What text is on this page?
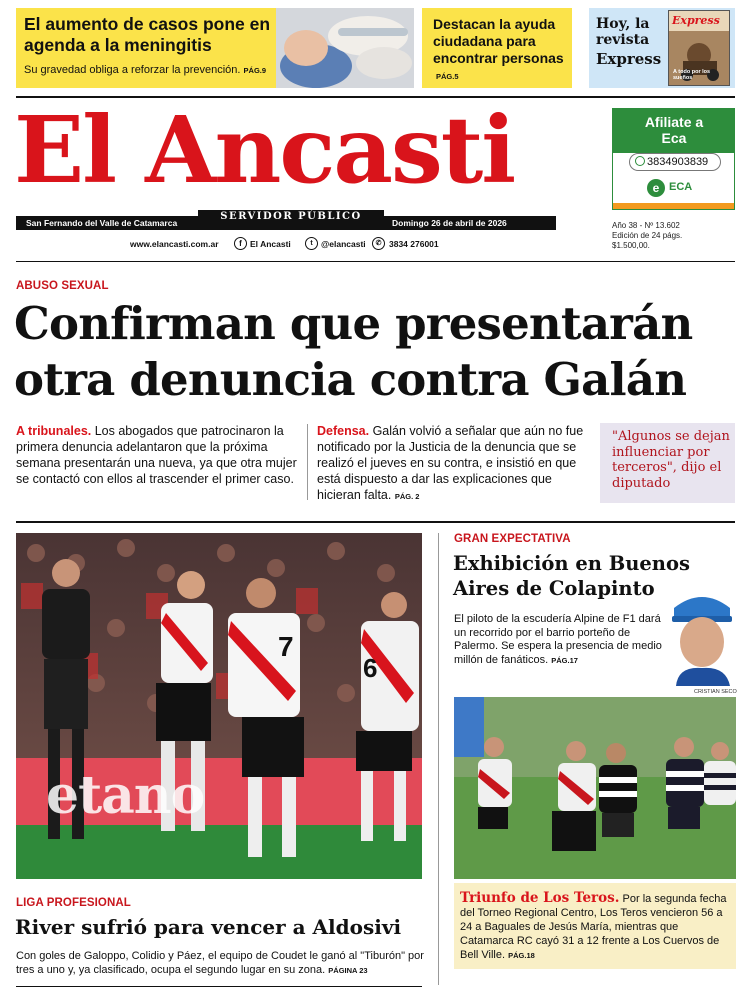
El aumento de casos pone en agenda a la meningitis
Su gravedad obliga a reforzar la prevención. PÁG.9
Destacan la ayuda ciudadana para encontrar personas
PÁG.5
Hoy, la revista
Express
Express
A todo por los sueños
El Ancasti
San Fernando del Valle de Catamarca
SERVIDOR PÚBLICO
Domingo 26 de abril de 2026
www.elancasti.com.ar	f El Ancasti	t @elancasti	✆ 3834 276001
Afiliate a Eca
3834903839
e ECA
Año 38 - Nº 13.602
Edición de 24 págs.
$1.500,00.
ABUSO SEXUAL
Confirman que presentarán otra denuncia contra Galán
A tribunales. Los abogados que patrocinaron la primera denuncia adelantaron que la próxima semana presentarán una nueva, ya que otra mujer se contactó con ellos al trascender el primer caso.
Defensa. Galán volvió a señalar que aún no fue notificado por la Justicia de la denuncia que se realizó el jueves en su contra, e insistió en que está dispuesto a dar las explicaciones que hicieran falta. PÁG. 2
"Algunos se dejan influenciar por terceros", dijo el diputado
etano
7
6
LIGA PROFESIONAL
River sufrió para vencer a Aldosivi
Con goles de Galoppo, Colidio y Páez, el equipo de Coudet le ganó al "Tiburón" por tres a uno y, ya clasificado, ocupa el segundo lugar en su zona. PÁGINA 23
GRAN EXPECTATIVA
Exhibición en Buenos Aires de Colapinto
El piloto de la escudería Alpine de F1 dará un recorrido por el barrio porteño de Palermo. Se espera la presencia de medio millón de fanáticos. PÁG.17
CRISTIAN SECO
Triunfo de Los Teros. Por la segunda fecha del Torneo Regional Centro, Los Teros vencieron 56 a 24 a Baguales de Jesús María, mientras que Catamarca RC cayó 31 a 12 frente a Los Cuervos de Bell Ville. PÁG.18
